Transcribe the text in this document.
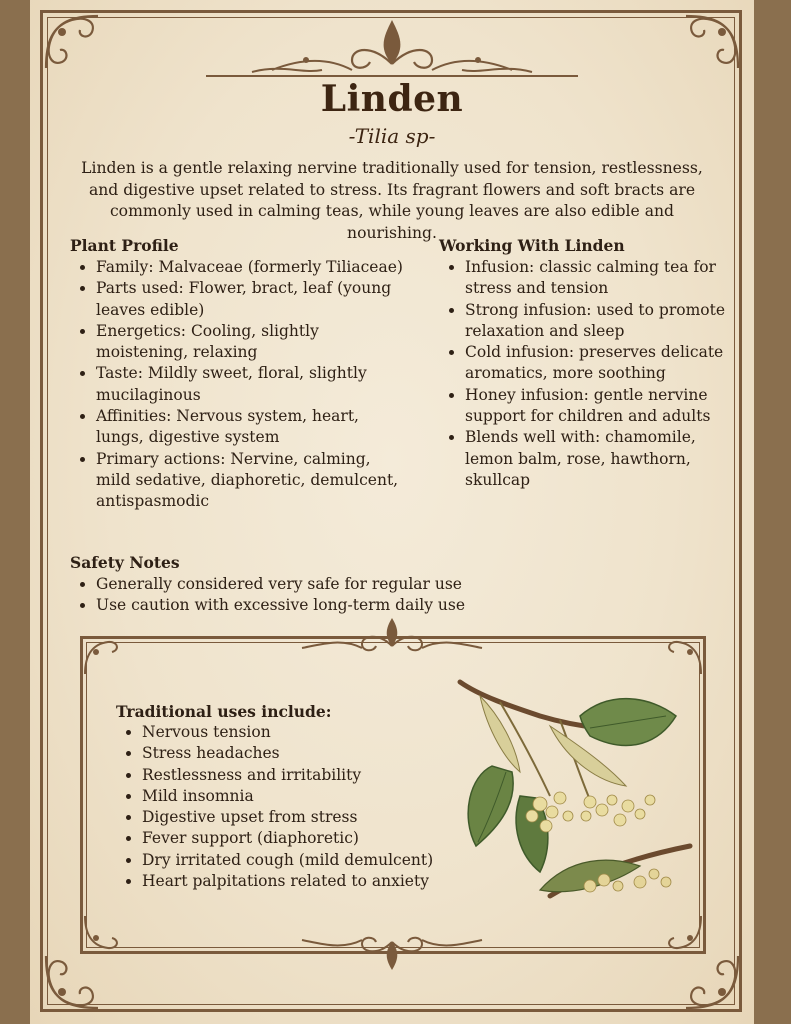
Linden
-Tilia sp-
Linden is a gentle relaxing nervine traditionally used for tension, restlessness, and digestive upset related to stress. Its fragrant flowers and soft bracts are commonly used in calming teas, while young leaves are also edible and nourishing.
Plant Profile
• Family: Malvaceae (formerly Tiliaceae)
• Parts used: Flower, bract, leaf (young leaves edible)
• Energetics: Cooling, slightly moistening, relaxing
• Taste: Mildly sweet, floral, slightly mucilaginous
• Affinities: Nervous system, heart, lungs, digestive system
• Primary actions: Nervine, calming, mild sedative, diaphoretic, demulcent, antispasmodic
Working With Linden
• Infusion: classic calming tea for stress and tension
• Strong infusion: used to promote relaxation and sleep
• Cold infusion: preserves delicate aromatics, more soothing
• Honey infusion: gentle nervine support for children and adults
• Blends well with: chamomile, lemon balm, rose, hawthorn, skullcap
Safety Notes
• Generally considered very safe for regular use
• Use caution with excessive long-term daily use
Traditional uses include:
• Nervous tension
• Stress headaches
• Restlessness and irritability
• Mild insomnia
• Digestive upset from stress
• Fever support (diaphoretic)
• Dry irritated cough (mild demulcent)
• Heart palpitations related to anxiety
